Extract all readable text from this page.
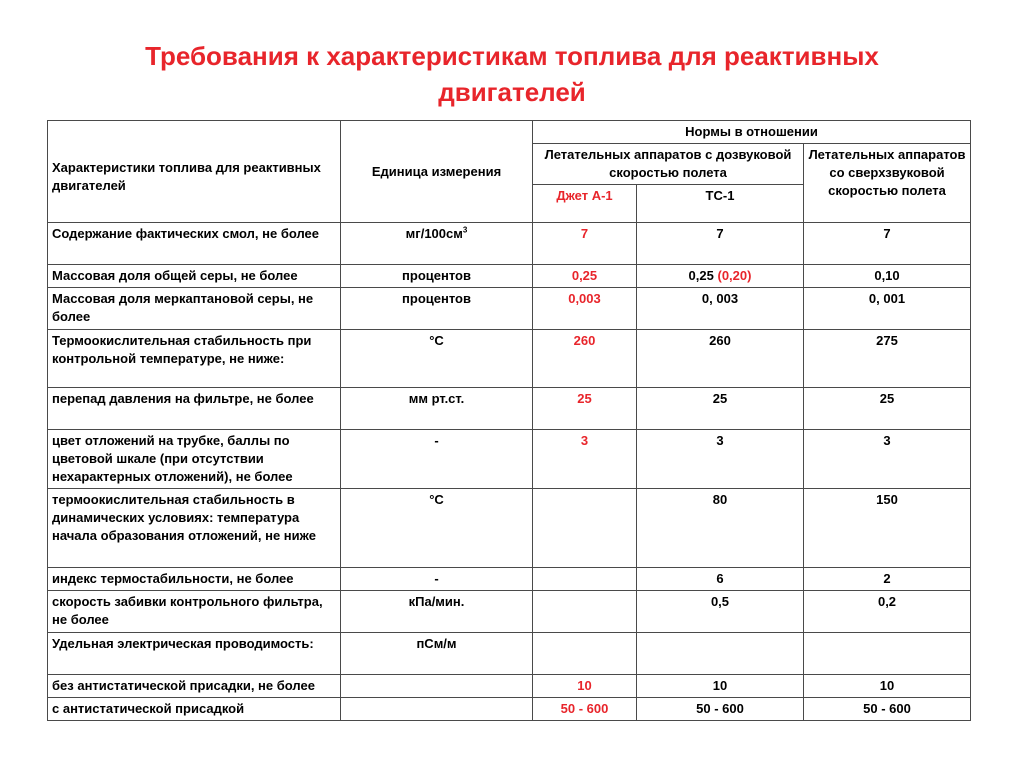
Требования к характеристикам топлива для реактивных
двигателей
Характеристики топлива для реактивных двигателей	Единица измерения	Нормы в отношении		
		Летательных аппаратов с дозвуковой скоростью полета		Летательных аппаратов со сверхзвуковой скоростью полета
		Джет А-1	ТС-1	
Содержание фактических смол, не более	$мг/100см^3$	7	7	7
Массовая доля общей серы, не более	процентов	0,25	0,25 (0,20)	0,10
Массовая доля меркаптановой серы, не более	процентов	0,003	0, 003	0, 001
Термоокислительная стабильность при контрольной температуре, не ниже:	°С	260	260	275
перепад давления на фильтре, не более	мм рт.ст.	25	25	25
цвет отложений на трубке, баллы по цветовой шкале (при отсутствии нехарактерных отложений), не более	-	3	3	3
термоокислительная стабильность в динамических условиях: температура начала образования отложений, не ниже	°С		80	150
индекс термостабильности, не более	-		6	2
скорость забивки контрольного фильтра, не более	кПа/мин.		0,5	0,2
Удельная электрическая проводимость:	пСм/м			
без антистатической присадки, не более		10	10	10
с антистатической присадкой		50 - 600	50 - 600	50 - 600
